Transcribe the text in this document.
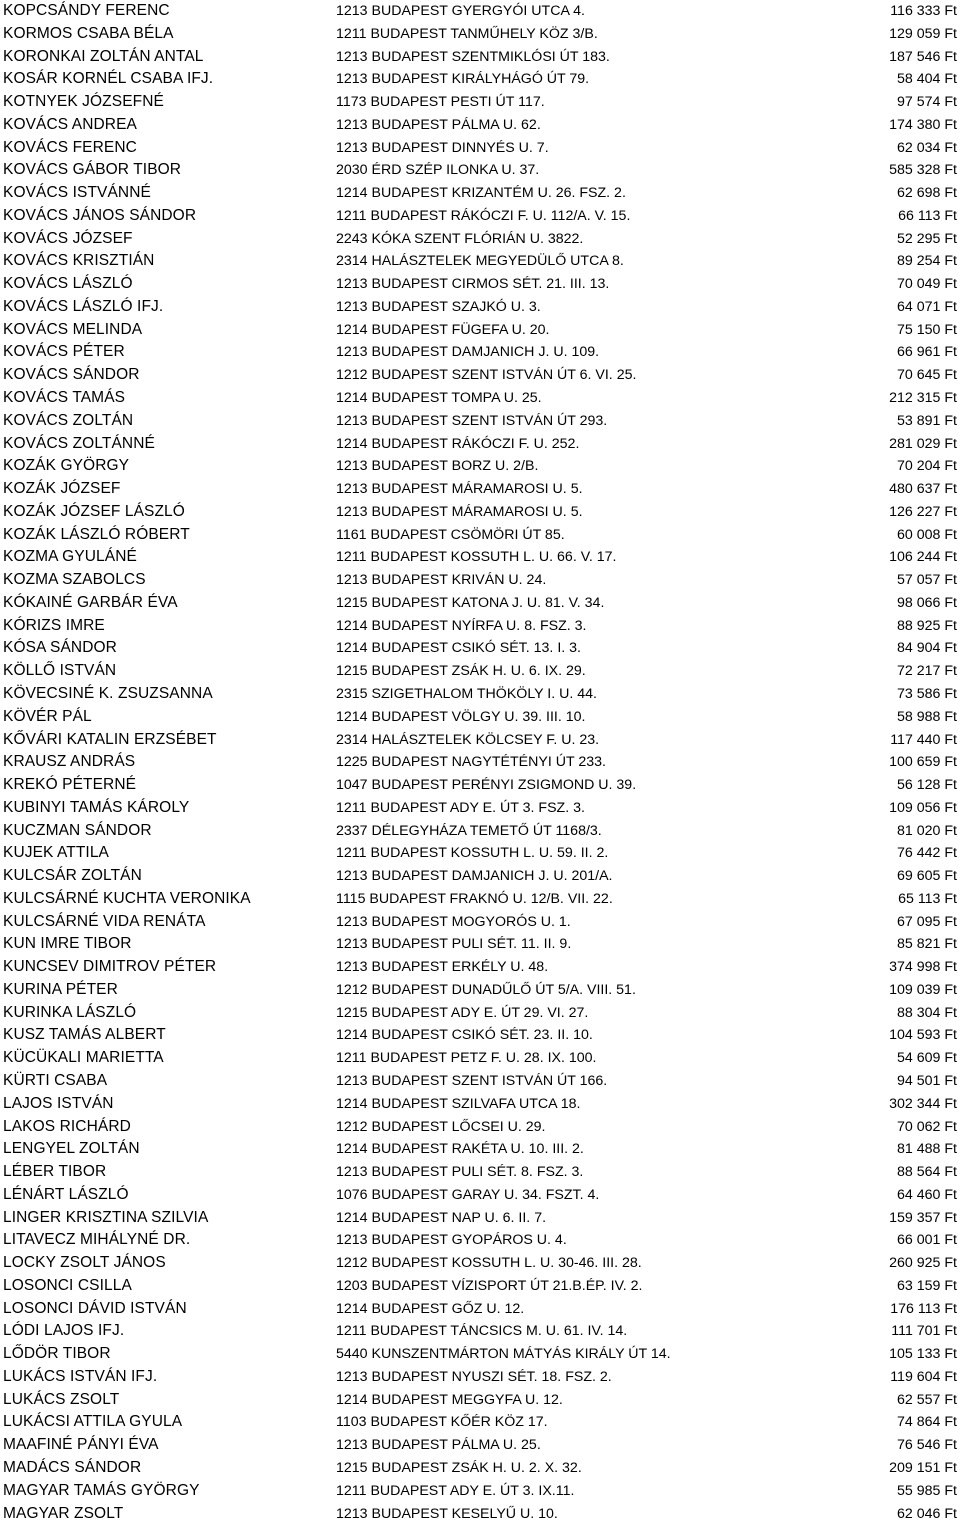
KOPCSÁNDY FERENC	1213 BUDAPEST GYERGYÓI UTCA 4.	116 333 Ft
KORMOS CSABA BÉLA	1211 BUDAPEST TANMŰHELY KÖZ 3/B.	129 059 Ft
KORONKAI ZOLTÁN ANTAL	1213 BUDAPEST SZENTMIKLÓSI ÚT 183.	187 546 Ft
KOSÁR KORNÉL CSABA IFJ.	1213 BUDAPEST KIRÁLYHÁGÓ ÚT 79.	58 404 Ft
KOTNYEK JÓZSEFNÉ	1173 BUDAPEST PESTI ÚT 117.	97 574 Ft
KOVÁCS ANDREA	1213 BUDAPEST PÁLMA U. 62.	174 380 Ft
KOVÁCS FERENC	1213 BUDAPEST DINNYÉS U. 7.	62 034 Ft
KOVÁCS GÁBOR TIBOR	2030 ÉRD SZÉP ILONKA U. 37.	585 328 Ft
KOVÁCS ISTVÁNNÉ	1214 BUDAPEST KRIZANTÉM U. 26. FSZ. 2.	62 698 Ft
KOVÁCS JÁNOS SÁNDOR	1211 BUDAPEST RÁKÓCZI F. U. 112/A. V. 15.	66 113 Ft
KOVÁCS JÓZSEF	2243 KÓKA SZENT FLÓRIÁN U. 3822.	52 295 Ft
KOVÁCS KRISZTIÁN	2314 HALÁSZTELEK MEGYEDÜLŐ UTCA 8.	89 254 Ft
KOVÁCS LÁSZLÓ	1213 BUDAPEST CIRMOS SÉT. 21. III. 13.	70 049 Ft
KOVÁCS LÁSZLÓ IFJ.	1213 BUDAPEST SZAJKÓ U. 3.	64 071 Ft
KOVÁCS MELINDA	1214 BUDAPEST FÜGEFA U. 20.	75 150 Ft
KOVÁCS PÉTER	1213 BUDAPEST DAMJANICH J. U. 109.	66 961 Ft
KOVÁCS SÁNDOR	1212 BUDAPEST SZENT ISTVÁN ÚT 6. VI. 25.	70 645 Ft
KOVÁCS TAMÁS	1214 BUDAPEST TOMPA U. 25.	212 315 Ft
KOVÁCS ZOLTÁN	1213 BUDAPEST SZENT ISTVÁN ÚT 293.	53 891 Ft
KOVÁCS ZOLTÁNNÉ	1214 BUDAPEST RÁKÓCZI F. U. 252.	281 029 Ft
KOZÁK GYÖRGY	1213 BUDAPEST BORZ U. 2/B.	70 204 Ft
KOZÁK JÓZSEF	1213 BUDAPEST MÁRAMAROSI U. 5.	480 637 Ft
KOZÁK JÓZSEF LÁSZLÓ	1213 BUDAPEST MÁRAMAROSI U. 5.	126 227 Ft
KOZÁK LÁSZLÓ RÓBERT	1161 BUDAPEST CSÖMÖRI ÚT 85.	60 008 Ft
KOZMA GYULÁNÉ	1211 BUDAPEST KOSSUTH L. U. 66. V. 17.	106 244 Ft
KOZMA SZABOLCS	1213 BUDAPEST KRIVÁN U. 24.	57 057 Ft
KÓKAINÉ GARBÁR ÉVA	1215 BUDAPEST KATONA J. U. 81. V. 34.	98 066 Ft
KÓRIZS IMRE	1214 BUDAPEST NYÍRFA U. 8. FSZ. 3.	88 925 Ft
KÓSA SÁNDOR	1214 BUDAPEST CSIKÓ SÉT. 13. I. 3.	84 904 Ft
KÖLLŐ ISTVÁN	1215 BUDAPEST ZSÁK H. U. 6. IX. 29.	72 217 Ft
KÖVECSINÉ K. ZSUZSANNA	2315 SZIGETHALOM THÖKÖLY I. U. 44.	73 586 Ft
KÖVÉR PÁL	1214 BUDAPEST VÖLGY U. 39. III. 10.	58 988 Ft
KŐVÁRI KATALIN ERZSÉBET	2314 HALÁSZTELEK KÖLCSEY F. U. 23.	117 440 Ft
KRAUSZ ANDRÁS	1225 BUDAPEST NAGYTÉTÉNYI ÚT 233.	100 659 Ft
KREKÓ PÉTERNÉ	1047 BUDAPEST PERÉNYI ZSIGMOND U. 39.	56 128 Ft
KUBINYI TAMÁS KÁROLY	1211 BUDAPEST ADY E. ÚT 3. FSZ. 3.	109 056 Ft
KUCZMAN SÁNDOR	2337 DÉLEGYHÁZA TEMETŐ ÚT 1168/3.	81 020 Ft
KUJEK ATTILA	1211 BUDAPEST KOSSUTH L. U. 59. II. 2.	76 442 Ft
KULCSÁR ZOLTÁN	1213 BUDAPEST DAMJANICH J. U. 201/A.	69 605 Ft
KULCSÁRNÉ KUCHTA VERONIKA	1115 BUDAPEST FRAKNÓ U. 12/B. VII. 22.	65 113 Ft
KULCSÁRNÉ VIDA RENÁTA	1213 BUDAPEST MOGYORÓS U. 1.	67 095 Ft
KUN IMRE TIBOR	1213 BUDAPEST PULI SÉT. 11. II. 9.	85 821 Ft
KUNCSEV DIMITROV PÉTER	1213 BUDAPEST ERKÉLY U. 48.	374 998 Ft
KURINA PÉTER	1212 BUDAPEST DUNADŰLŐ ÚT 5/A. VIII. 51.	109 039 Ft
KURINKA LÁSZLÓ	1215 BUDAPEST ADY E. ÚT 29. VI. 27.	88 304 Ft
KUSZ TAMÁS ALBERT	1214 BUDAPEST CSIKÓ SÉT. 23. II. 10.	104 593 Ft
KÜCÜKALI MARIETTA	1211 BUDAPEST PETZ F. U. 28. IX. 100.	54 609 Ft
KÜRTI CSABA	1213 BUDAPEST SZENT ISTVÁN ÚT 166.	94 501 Ft
LAJOS ISTVÁN	1214 BUDAPEST SZILVAFA UTCA 18.	302 344 Ft
LAKOS RICHÁRD	1212 BUDAPEST LŐCSEI U. 29.	70 062 Ft
LENGYEL ZOLTÁN	1214 BUDAPEST RAKÉTA U. 10. III. 2.	81 488 Ft
LÉBER TIBOR	1213 BUDAPEST PULI SÉT. 8. FSZ. 3.	88 564 Ft
LÉNÁRT LÁSZLÓ	1076 BUDAPEST GARAY U. 34. FSZT. 4.	64 460 Ft
LINGER KRISZTINA SZILVIA	1214 BUDAPEST NAP U. 6. II. 7.	159 357 Ft
LITAVECZ MIHÁLYNÉ DR.	1213 BUDAPEST GYOPÁROS U. 4.	66 001 Ft
LOCKY ZSOLT JÁNOS	1212 BUDAPEST KOSSUTH L. U. 30-46. III. 28.	260 925 Ft
LOSONCI CSILLA	1203 BUDAPEST VÍZISPORT ÚT 21.B.ÉP. IV. 2.	63 159 Ft
LOSONCI DÁVID ISTVÁN	1214 BUDAPEST GŐZ U. 12.	176 113 Ft
LÓDI LAJOS IFJ.	1211 BUDAPEST TÁNCSICS M. U. 61. IV. 14.	111 701 Ft
LŐDÖR TIBOR	5440 KUNSZENTMÁRTON MÁTYÁS KIRÁLY ÚT 14.	105 133 Ft
LUKÁCS ISTVÁN IFJ.	1213 BUDAPEST NYUSZI SÉT. 18. FSZ. 2.	119 604 Ft
LUKÁCS ZSOLT	1214 BUDAPEST MEGGYFA U. 12.	62 557 Ft
LUKÁCSI ATTILA GYULA	1103 BUDAPEST KŐÉR KÖZ 17.	74 864 Ft
MAAFINÉ PÁNYI ÉVA	1213 BUDAPEST PÁLMA U. 25.	76 546 Ft
MADÁCS SÁNDOR	1215 BUDAPEST ZSÁK H. U. 2. X. 32.	209 151 Ft
MAGYAR TAMÁS GYÖRGY	1211 BUDAPEST ADY E. ÚT 3. IX.11.	55 985 Ft
MAGYAR ZSOLT	1213 BUDAPEST KESELYŰ U. 10.	62 046 Ft
